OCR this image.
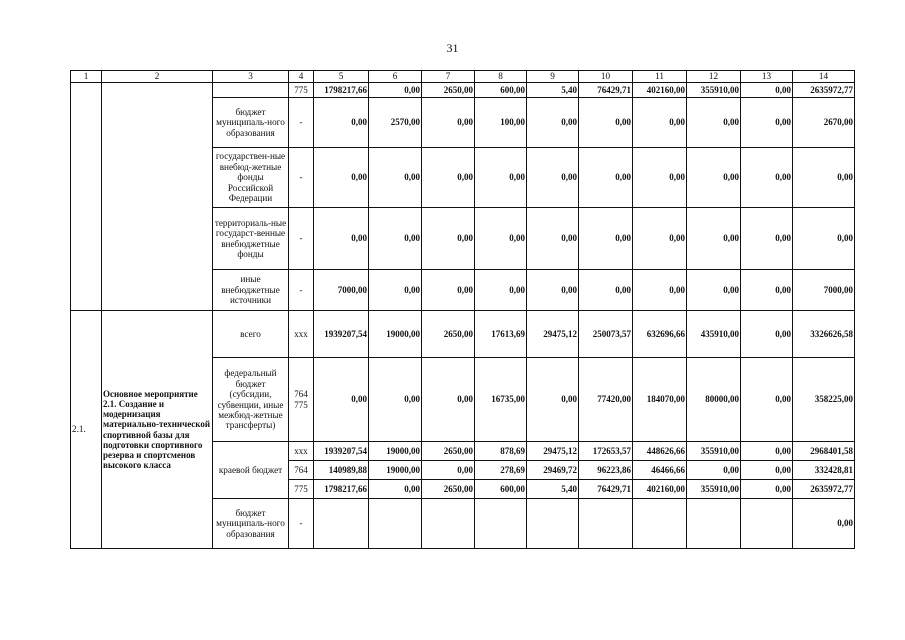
31
1	2	3	4	5	6	7	8	9	10	11	12	13	14
			775	1798217,66	0,00	2650,00	600,00	5,40	76429,71	402160,00	355910,00	0,00	2635972,77
		бюджет муниципаль-ного образования	-	0,00	2570,00	0,00	100,00	0,00	0,00	0,00	0,00	0,00	2670,00
		государствен-ные внебюд-жетные фонды Российской Федерации	-	0,00	0,00	0,00	0,00	0,00	0,00	0,00	0,00	0,00	0,00
		территориаль-ные государст-венные внебюджетные фонды	-	0,00	0,00	0,00	0,00	0,00	0,00	0,00	0,00	0,00	0,00
		иные внебюджетные источники	-	7000,00	0,00	0,00	0,00	0,00	0,00	0,00	0,00	0,00	7000,00
2.1.	Основное мероприятие 2.1. Создание и модернизация материально-технической спортивной базы для подготовки спортивного резерва и спортсменов высокого класса	всего	ххх	1939207,54	19000,00	2650,00	17613,69	29475,12	250073,57	632696,66	435910,00	0,00	3326626,58
		федеральный бюджет (субсидии, субвенции, иные межбюд-жетные трансферты)	764 775	0,00	0,00	0,00	16735,00	0,00	77420,00	184070,00	80000,00	0,00	358225,00
		краевой бюджет	ххх	1939207,54	19000,00	2650,00	878,69	29475,12	172653,57	448626,66	355910,00	0,00	2968401,58
			764	140989,88	19000,00	0,00	278,69	29469,72	96223,86	46466,66	0,00	0,00	332428,81
			775	1798217,66	0,00	2650,00	600,00	5,40	76429,71	402160,00	355910,00	0,00	2635972,77
		бюджет муниципаль-ного образования	-										0,00
